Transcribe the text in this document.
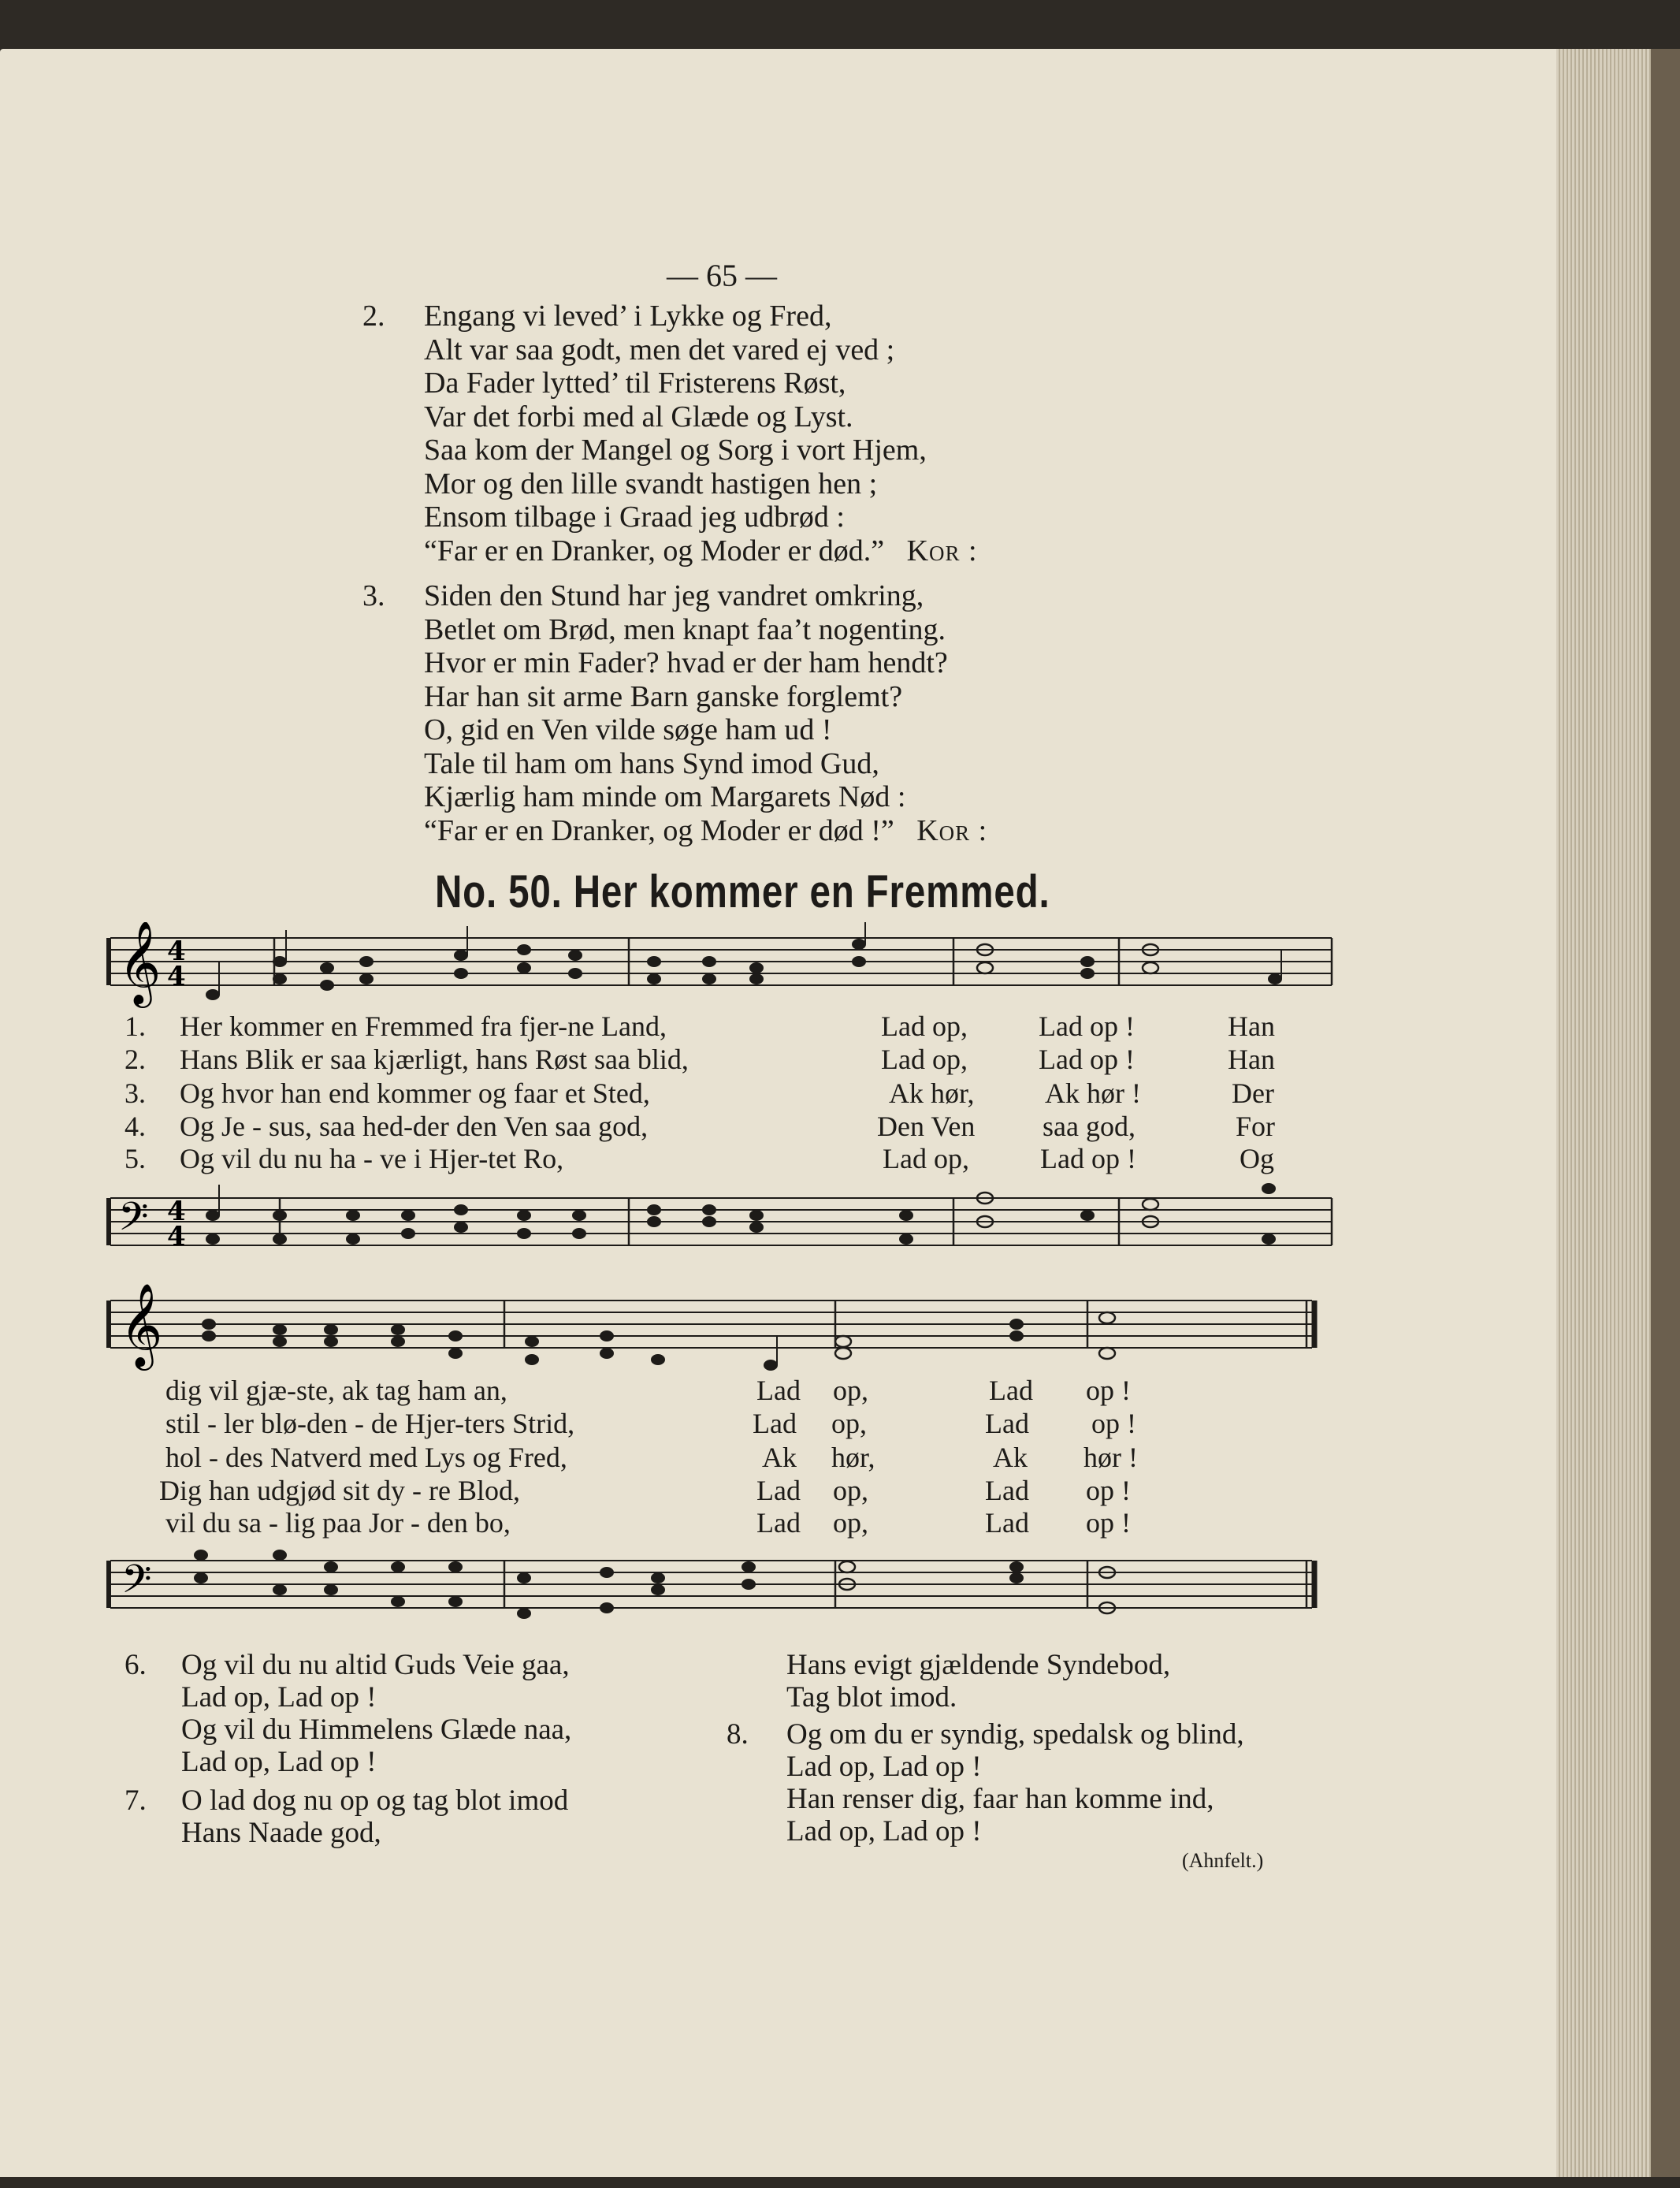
— 65 —
2. Engang vi leved’ i Lykke og Fred,
Alt var saa godt, men det vared ej ved ;
Da Fader lytted’ til Fristerens Røst,
Var det forbi med al Glæde og Lyst.
Saa kom der Mangel og Sorg i vort Hjem,
Mor og den lille svandt hastigen hen ;
Ensom tilbage i Graad jeg udbrød :
“Far er en Dranker, og Moder er død.” Kor :
3. Siden den Stund har jeg vandret omkring,
Betlet om Brød, men knapt faa’t nogenting.
Hvor er min Fader? hvad er der ham hendt?
Har han sit arme Barn ganske forglemt?
O, gid en Ven vilde søge ham ud !
Tale til ham om hans Synd imod Gud,
Kjærlig ham minde om Margarets Nød :
“Far er en Dranker, og Moder er død !” Kor :
No. 50. Her kommer en Fremmed.
𝄞 4
4
1. Her kommer en Fremmed fra fjer-ne Land,	Lad op,	Lad op !	Han
2. Hans Blik er saa kjærligt, hans Røst saa blid,	Lad op,	Lad op !	Han
3. Og hvor han end kommer og faar et Sted,	Ak hør, Ak hør !	Der
4. Og Je - sus, saa hed-der den Ven saa god,	Den Ven saa god,	For
5. Og vil du nu ha - ve i Hjer-tet Ro,	Lad op,	Lad op !	Og
𝄢 4
4
𝄞
dig vil gjæ-ste, ak tag ham an,	Lad op,	Lad op !
stil - ler blø-den - de Hjer-ters Strid,	Lad op,	Lad op !
hol - des Natverd med Lys og Fred,	Ak hør,	Ak hør !
Dig han udgjød sit dy - re Blod,	Lad op,	Lad op !
vil du sa - lig paa Jor - den bo,	Lad op,	Lad op !
𝄢
6. Og vil du nu altid Guds Veie gaa,
Lad op, Lad op !
Og vil du Himmelens Glæde naa,
Lad op, Lad op !
7. O lad dog nu op og tag blot imod
Hans Naade god,
Hans evigt gjældende Syndebod,
Tag blot imod.
8. Og om du er syndig, spedalsk og blind,
Lad op, Lad op !
Han renser dig, faar han komme ind,
Lad op, Lad op !
(Ahnfelt.)
